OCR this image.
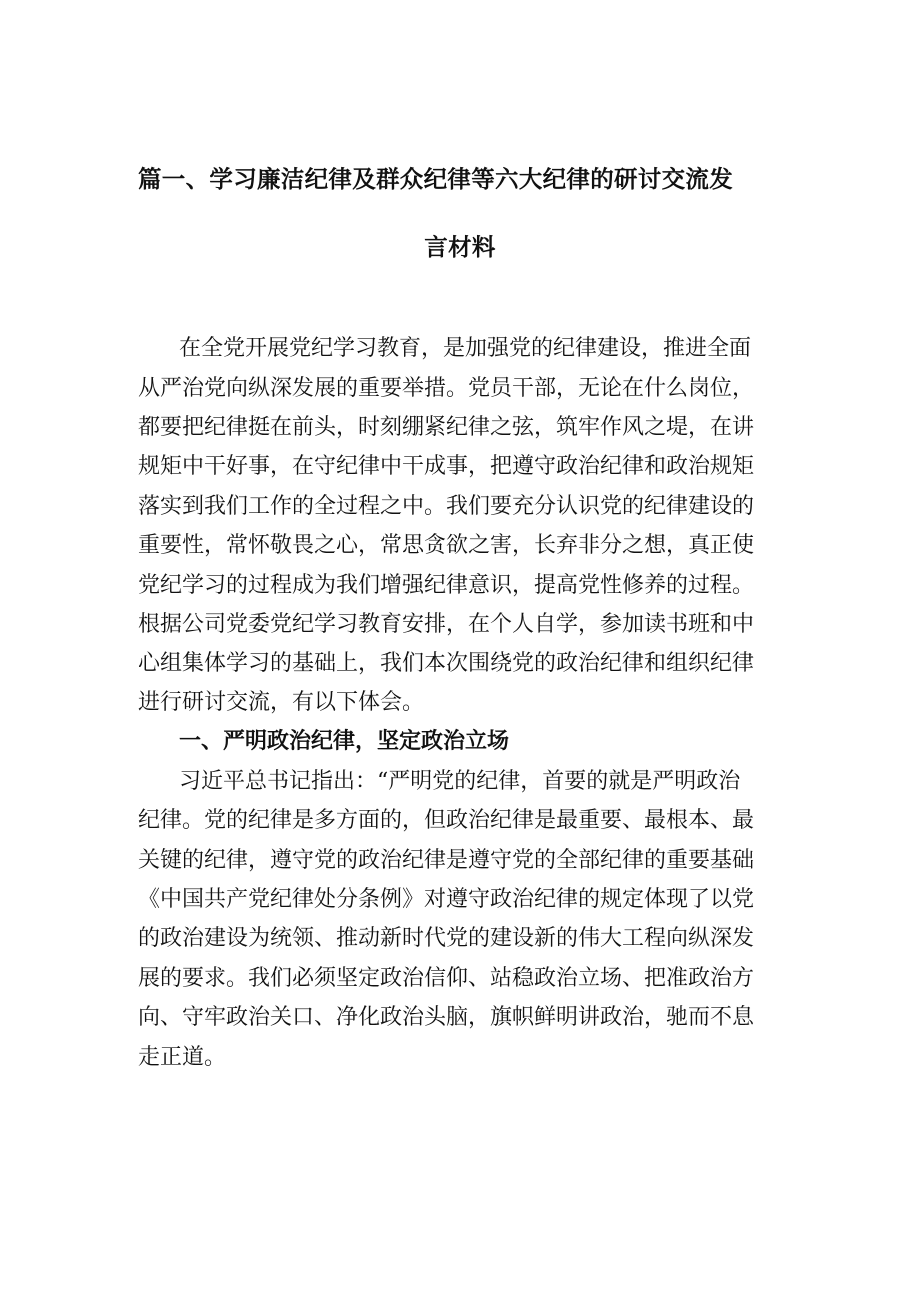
篇一、学习廉洁纪律及群众纪律等六大纪律的研讨交流发
言材料

在全党开展党纪学习教育，是加强党的纪律建设，推进全面

从严治党向纵深发展的重要举措。党员干部，无论在什么岗位，

都要把纪律挺在前头，时刻绷紧纪律之弦，筑牢作风之堤，在讲

规矩中干好事，在守纪律中干成事，把遵守政治纪律和政治规矩

落实到我们工作的全过程之中。我们要充分认识党的纪律建设的

重要性，常怀敬畏之心，常思贪欲之害，长弃非分之想，真正使

党纪学习的过程成为我们增强纪律意识，提高党性修养的过程。

根据公司党委党纪学习教育安排，在个人自学，参加读书班和中

心组集体学习的基础上，我们本次围绕党的政治纪律和组织纪律

进行研讨交流，有以下体会。

一、严明政治纪律，坚定政治立场

习近平总书记指出：“严明党的纪律，首要的就是严明政治

纪律。党的纪律是多方面的，但政治纪律是最重要、最根本、最

关键的纪律，遵守党的政治纪律是遵守党的全部纪律的重要基础

《中国共产党纪律处分条例》对遵守政治纪律的规定体现了以党

的政治建设为统领、推动新时代党的建设新的伟大工程向纵深发

展的要求。我们必须坚定政治信仰、站稳政治立场、把准政治方

向、守牢政治关口、净化政治头脑，旗帜鲜明讲政治，驰而不息

走正道。
